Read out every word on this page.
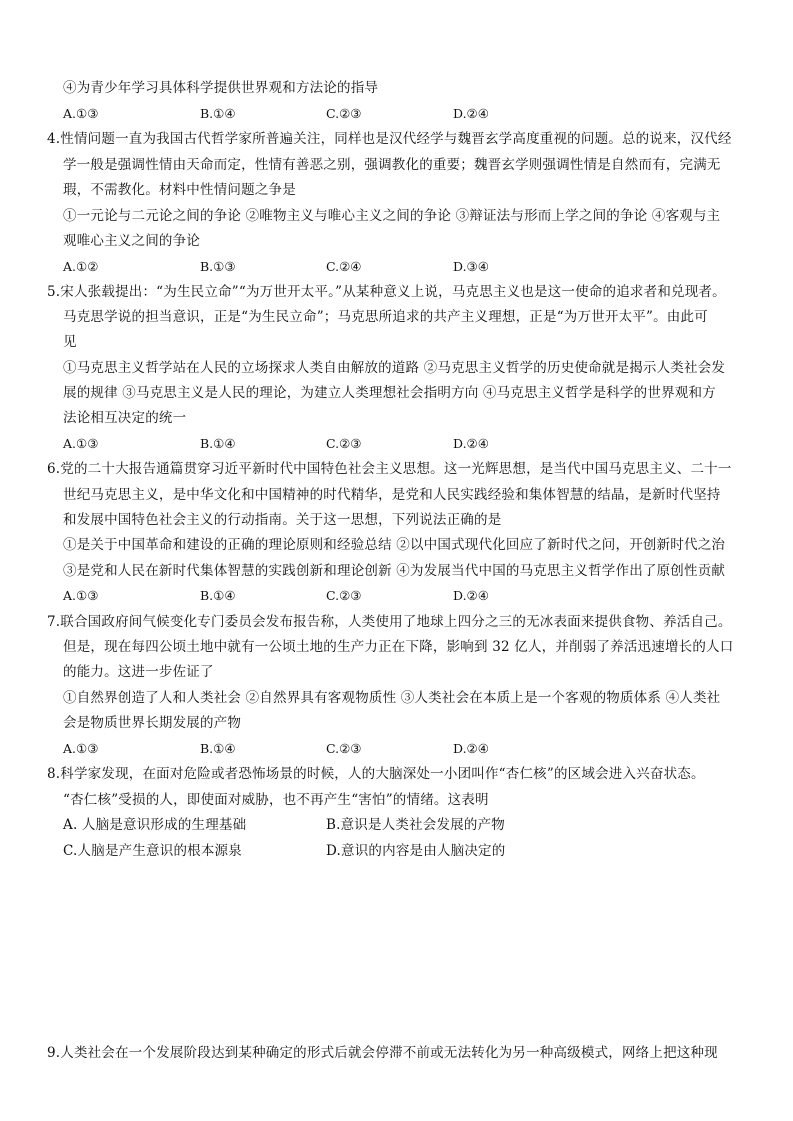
④为青少年学习具体科学提供世界观和方法论的指导
A.①③	B.①④	C.②③	D.②④
4.性情问题一直为我国古代哲学家所普遍关注，同样也是汉代经学与魏晋玄学高度重视的问题。总的说来，汉代经
学一般是强调性情由天命而定，性情有善恶之别，强调教化的重要；魏晋玄学则强调性情是自然而有，完满无
瑕，不需教化。材料中性情问题之争是
①一元论与二元论之间的争论 ②唯物主义与唯心主义之间的争论 ③辩证法与形而上学之间的争论 ④客观与主
观唯心主义之间的争论
A.①②	B.①③	C.②④	D.③④
5.宋人张载提出：“为生民立命”“为万世开太平。”从某种意义上说，马克思主义也是这一使命的追求者和兑现者。
马克思学说的担当意识，正是“为生民立命”；马克思所追求的共产主义理想，正是“为万世开太平”。由此可
见
①马克思主义哲学站在人民的立场探求人类自由解放的道路 ②马克思主义哲学的历史使命就是揭示人类社会发
展的规律 ③马克思主义是人民的理论，为建立人类理想社会指明方向 ④马克思主义哲学是科学的世界观和方
法论相互决定的统一
A.①③	B.①④	C.②③	D.②④
6.党的二十大报告通篇贯穿习近平新时代中国特色社会主义思想。这一光辉思想，是当代中国马克思主义、二十一
世纪马克思主义，是中华文化和中国精神的时代精华，是党和人民实践经验和集体智慧的结晶，是新时代坚持
和发展中国特色社会主义的行动指南。关于这一思想，下列说法正确的是
①是关于中国革命和建设的正确的理论原则和经验总结 ②以中国式现代化回应了新时代之问，开创新时代之治
③是党和人民在新时代集体智慧的实践创新和理论创新 ④为发展当代中国的马克思主义哲学作出了原创性贡献
A.①③	B.①④	C.②③	D.②④
7.联合国政府间气候变化专门委员会发布报告称，人类使用了地球上四分之三的无冰表面来提供食物、养活自己。
但是，现在每四公顷土地中就有一公顷土地的生产力正在下降，影响到 32 亿人，并削弱了养活迅速增长的人口
的能力。这进一步佐证了
①自然界创造了人和人类社会 ②自然界具有客观物质性 ③人类社会在本质上是一个客观的物质体系 ④人类社
会是物质世界长期发展的产物
A.①③	B.①④	C.②③	D.②④
8.科学家发现，在面对危险或者恐怖场景的时候，人的大脑深处一小团叫作“杏仁核”的区域会进入兴奋状态。
“杏仁核”受损的人，即使面对威胁，也不再产生“害怕”的情绪。这表明
A. 人脑是意识形成的生理基础	B.意识是人类社会发展的产物
C.人脑是产生意识的根本源泉	D.意识的内容是由人脑决定的
9.人类社会在一个发展阶段达到某种确定的形式后就会停滞不前或无法转化为另一种高级模式，网络上把这种现
